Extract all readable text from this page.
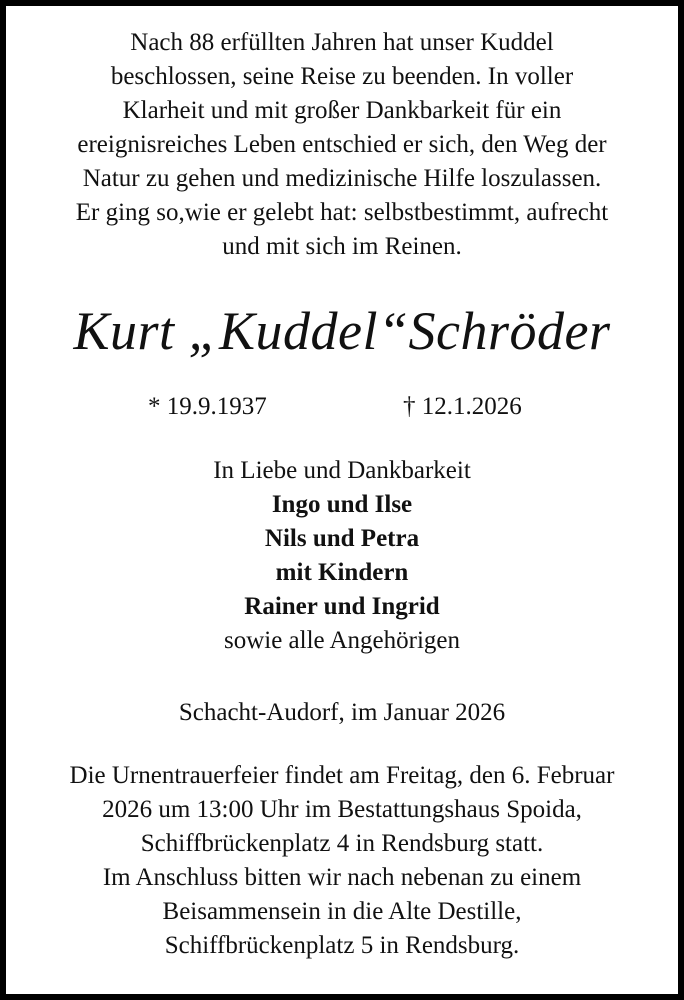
Nach 88 erfüllten Jahren hat unser Kuddel
beschlossen, seine Reise zu beenden. In voller
Klarheit und mit großer Dankbarkeit für ein
ereignisreiches Leben entschied er sich, den Weg der
Natur zu gehen und medizinische Hilfe loszulassen.
Er ging so,wie er gelebt hat: selbstbestimmt, aufrecht
und mit sich im Reinen.
Kurt „Kuddel“Schröder
* 19.9.1937	† 12.1.2026
In Liebe und Dankbarkeit
Ingo und Ilse
Nils und Petra
mit Kindern
Rainer und Ingrid
sowie alle Angehörigen
Schacht-Audorf, im Januar 2026
Die Urnentrauerfeier findet am Freitag, den 6. Februar
2026 um 13:00 Uhr im Bestattungshaus Spoida,
Schiffbrückenplatz 4 in Rendsburg statt.
Im Anschluss bitten wir nach nebenan zu einem
Beisammensein in die Alte Destille,
Schiffbrückenplatz 5 in Rendsburg.
